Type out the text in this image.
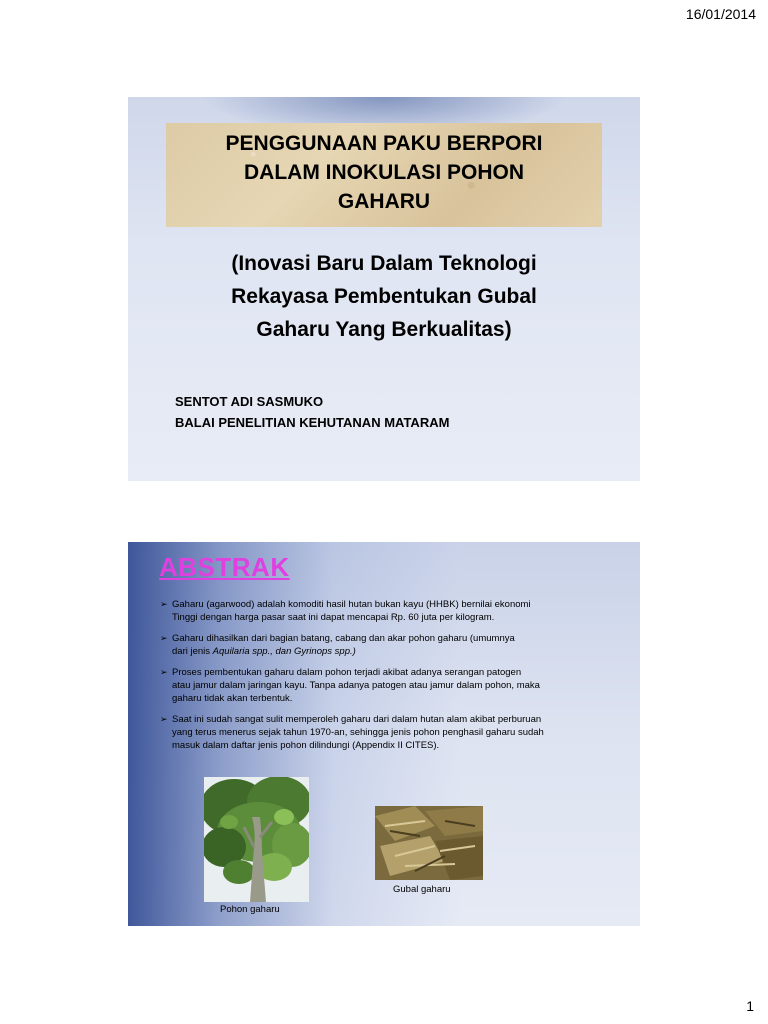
16/01/2014
PENGGUNAAN PAKU BERPORI
DALAM INOKULASI POHON
GAHARU
(Inovasi Baru Dalam Teknologi
Rekayasa Pembentukan Gubal
Gaharu Yang Berkualitas)
SENTOT ADI SASMUKO
BALAI PENELITIAN KEHUTANAN MATARAM
ABSTRAK
➢ Gaharu (agarwood) adalah komoditi hasil hutan bukan kayu (HHBK) bernilai ekonomi
Tinggi dengan harga pasar saat ini dapat mencapai Rp. 60 juta per kilogram.
➢ Gaharu dihasilkan dari bagian batang, cabang dan akar pohon gaharu (umumnya
dari jenis Aquilaria spp., dan Gyrinops spp.)
➢ Proses pembentukan gaharu dalam pohon terjadi akibat adanya serangan patogen
atau jamur dalam jaringan kayu. Tanpa adanya patogen atau jamur dalam pohon, maka
gaharu tidak akan terbentuk.
➢ Saat ini sudah sangat sulit memperoleh gaharu dari dalam hutan alam akibat perburuan
yang terus menerus sejak tahun 1970-an, sehingga jenis pohon penghasil gaharu sudah
masuk dalam daftar jenis pohon dilindungi (Appendix II CITES).
Pohon gaharu
Gubal gaharu
1
